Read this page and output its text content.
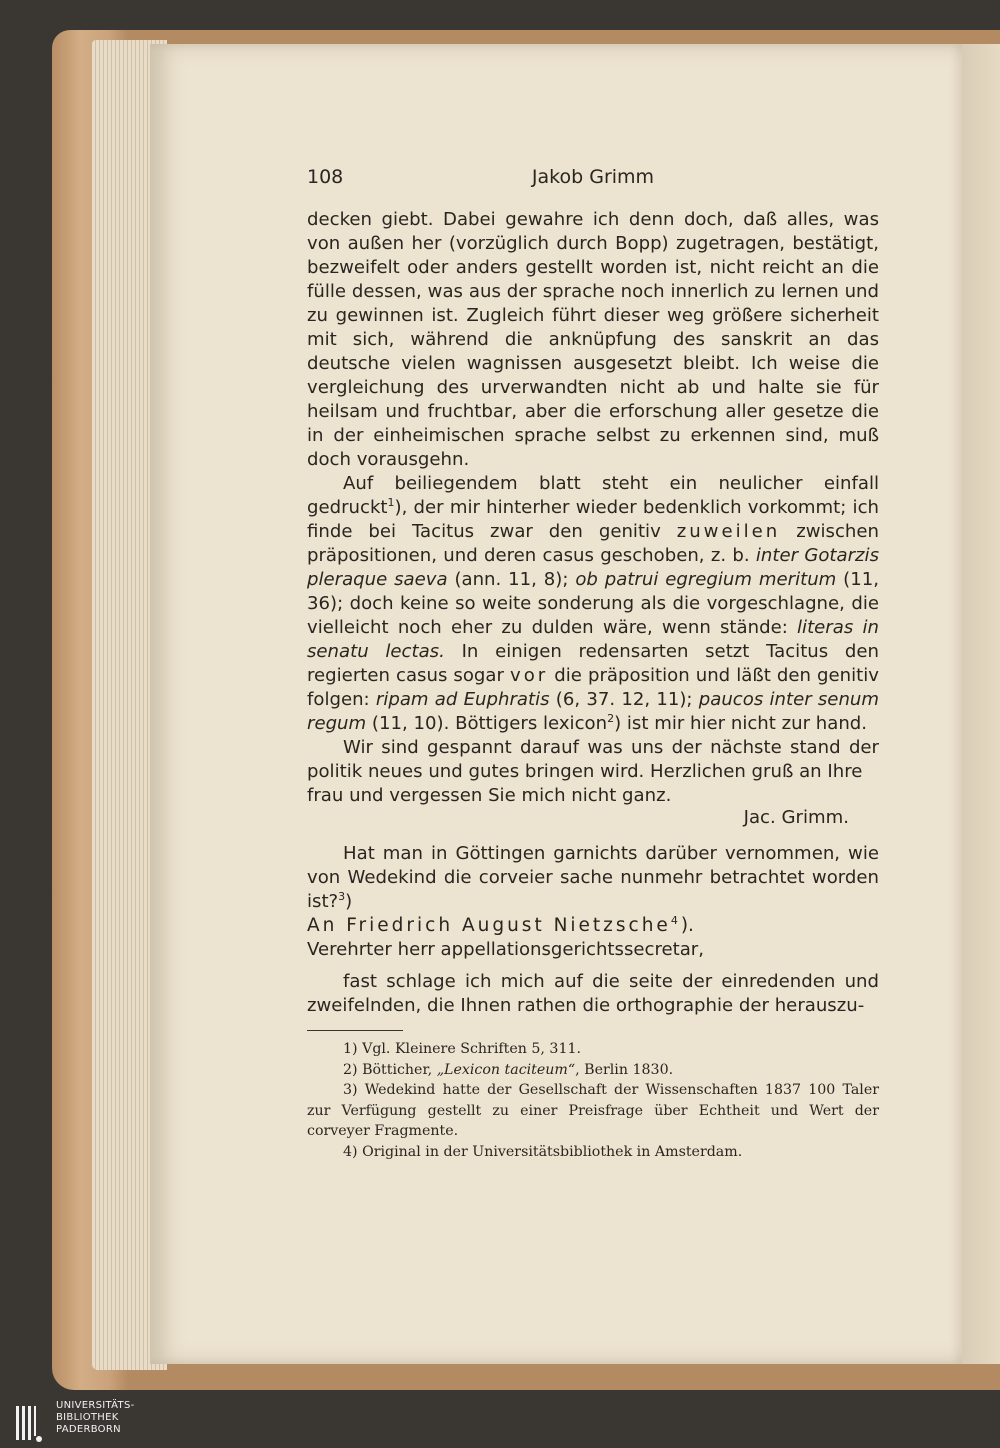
108	Jakob Grimm

decken giebt. Dabei gewahre ich denn doch, daß alles, was von außen her (vorzüglich durch Bopp) zugetragen, bestätigt, bezweifelt oder anders gestellt worden ist, nicht reicht an die fülle dessen, was aus der sprache noch innerlich zu lernen und zu gewinnen ist. Zugleich führt dieser weg größere sicherheit mit sich, während die anknüpfung des sanskrit an das deutsche vielen wagnissen ausgesetzt bleibt. Ich weise die vergleichung des urverwandten nicht ab und halte sie für heilsam und fruchtbar, aber die erforschung aller gesetze die in der einheimischen sprache selbst zu erkennen sind, muß doch vorausgehn.

Auf beiliegendem blatt steht ein neulicher einfall gedruckt$^1$), der mir hinterher wieder bedenklich vorkommt; ich finde bei Tacitus zwar den genitiv zuweilen zwischen präpositionen, und deren casus geschoben, z. b. inter Gotarzis pleraque saeva (ann. 11, 8); ob patrui egregium meritum (11, 36); doch keine so weite sonderung als die vorgeschlagne, die vielleicht noch eher zu dulden wäre, wenn stände: literas in senatu lectas. In einigen redensarten setzt Tacitus den regierten casus sogar vor die präposition und läßt den genitiv folgen: ripam ad Euphratis (6, 37. 12, 11); paucos inter senum regum (11, 10). Böttigers lexicon$^2$) ist mir hier nicht zur hand.

Wir sind gespannt darauf was uns der nächste stand der politik neues und gutes bringen wird. Herzlichen gruß an Ihre

frau und vergessen Sie mich nicht ganz.
Jac. Grimm.

Hat man in Göttingen garnichts darüber vernommen, wie von Wedekind die corveier sache nunmehr betrachtet worden ist?$^3$)

An Friedrich August Nietzsche$^4$).

Verehrter herr appellationsgerichtssecretar,

fast schlage ich mich auf die seite der einredenden und zweifelnden, die Ihnen rathen die orthographie der herauszu-

1) Vgl. Kleinere Schriften 5, 311.

2) Bötticher, „Lexicon taciteum“, Berlin 1830.

3) Wedekind hatte der Gesellschaft der Wissenschaften 1837 100 Taler zur Verfügung gestellt zu einer Preisfrage über Echtheit und Wert der corveyer Fragmente.

4) Original in der Universitätsbibliothek in Amsterdam.

UNIVERSITÄTS-
BIBLIOTHEK
PADERBORN
